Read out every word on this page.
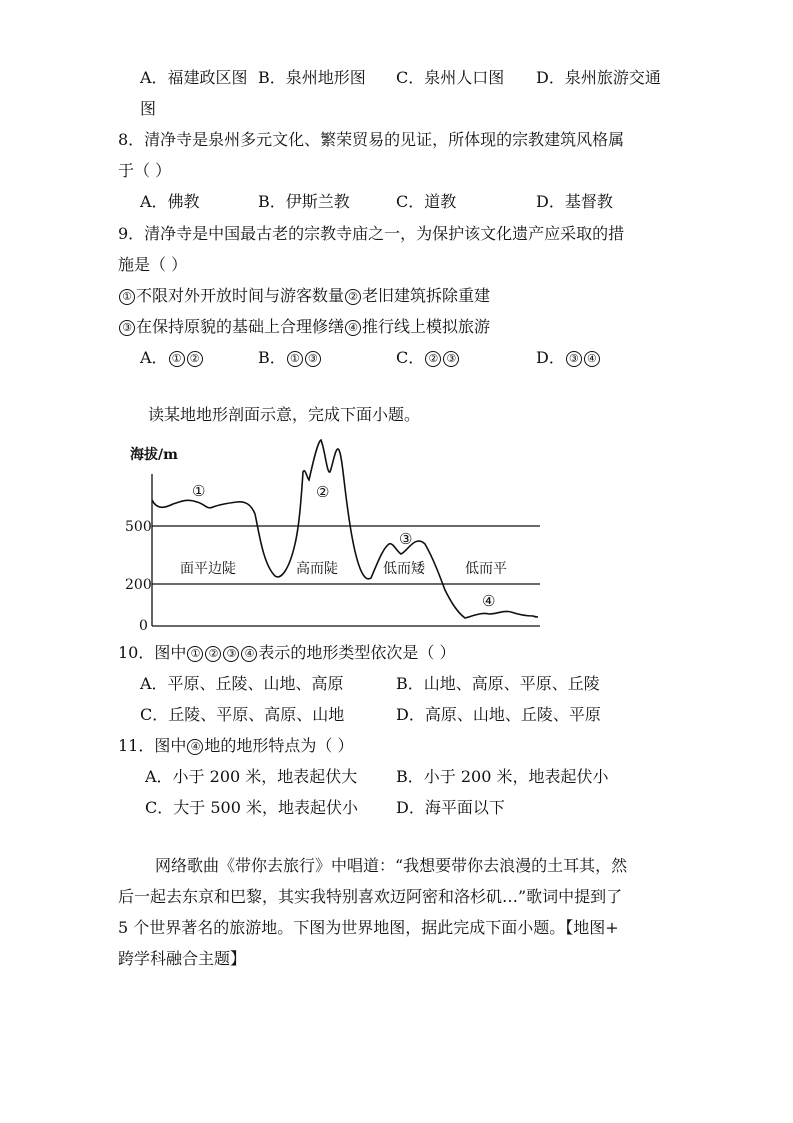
A．福建政区图 B．泉州地形图 C．泉州人口图 D．泉州旅游交通
图
8．清净寺是泉州多元文化、繁荣贸易的见证，所体现的宗教建筑风格属
于（ ）
A．佛教	B．伊斯兰教	C．道教	D．基督教
9．清净寺是中国最古老的宗教寺庙之一，为保护该文化遗产应采取的措
施是（ ）
① 不限对外开放时间与游客数量 ② 老旧建筑拆除重建
③ 在保持原貌的基础上合理修缮 ④ 推行线上模拟旅游
A． ① ②	B． ① ③	C． ② ③	D． ③ ④
读某地地形剖面示意，完成下面小题。
海拔/m
500
200
0
①	②
③
④
面平边陡	高而陡	低而矮	低而平
10．图中 ① ② ③ ④ 表示的地形类型依次是（ ）
A．平原、丘陵、山地、高原	B．山地、高原、平原、丘陵
C．丘陵、平原、高原、山地	D．高原、山地、丘陵、平原
11．图中 ④ 地的地形特点为（ ）
A．小于 200 米，地表起伏大 B．小于 200 米，地表起伏小
C．大于 500 米，地表起伏小 D．海平面以下
网络歌曲《带你去旅行》中唱道：“我想要带你去浪漫的土耳其，然
后一起去东京和巴黎，其实我特别喜欢迈阿密和洛杉矶…”歌词中提到了
5 个世界著名的旅游地。下图为世界地图，据此完成下面小题。【地图+
跨学科融合主题】
